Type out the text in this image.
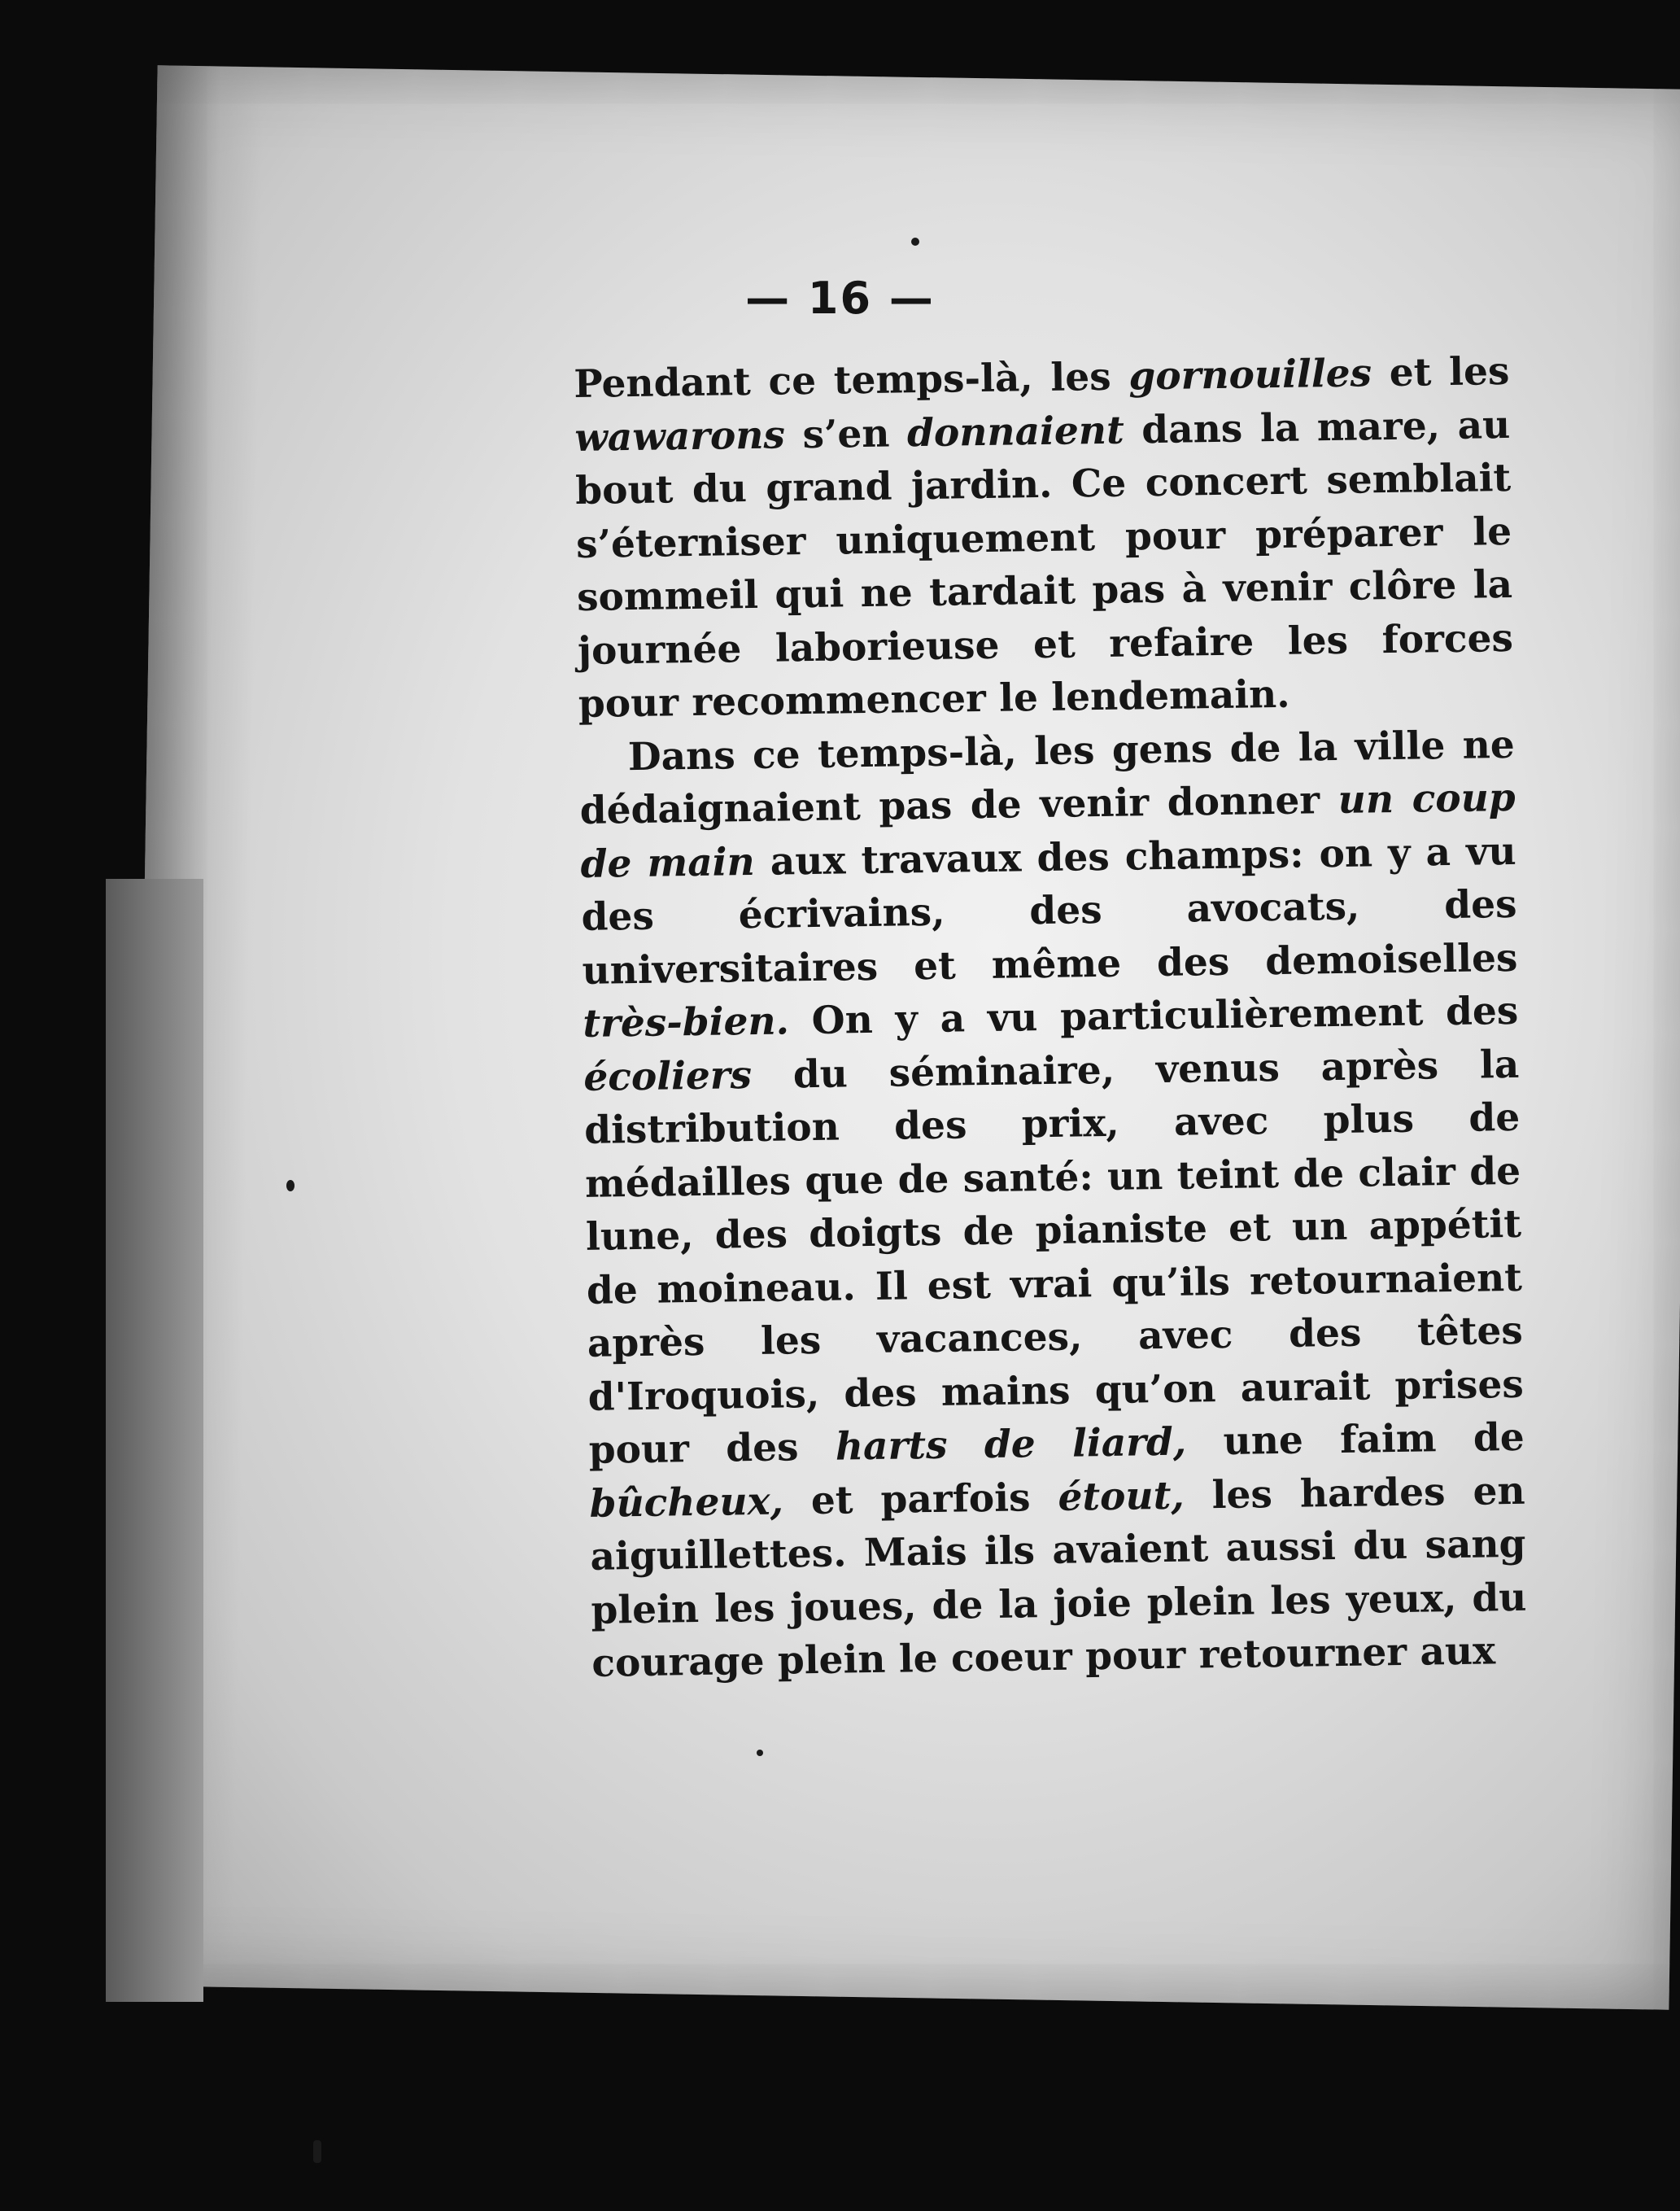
— 16 —

Pendant ce temps-là, les gornouilles et les wawarons s’en donnaient dans la mare, au bout du grand jardin. Ce concert semblait s’éterniser uniquement pour préparer le sommeil qui ne tardait pas à venir clôre la journée laborieuse et refaire les forces pour recommencer le lendemain.

Dans ce temps-là, les gens de la ville ne dédaignaient pas de venir donner un coup de main aux travaux des champs: on y a vu des écrivains, des avocats, des universitaires et même des demoiselles très-bien. On y a vu particulièrement des écoliers du séminaire, venus après la distribution des prix, avec plus de médailles que de santé: un teint de clair de lune, des doigts de pianiste et un appétit de moineau. Il est vrai qu’ils retournaient après les vacances, avec des têtes d'Iroquois, des mains qu’on aurait prises pour des harts de liard, une faim de bûcheux, et parfois étout, les hardes en aiguillettes. Mais ils avaient aussi du sang plein les joues, de la joie plein les yeux, du courage plein le coeur pour retourner aux
